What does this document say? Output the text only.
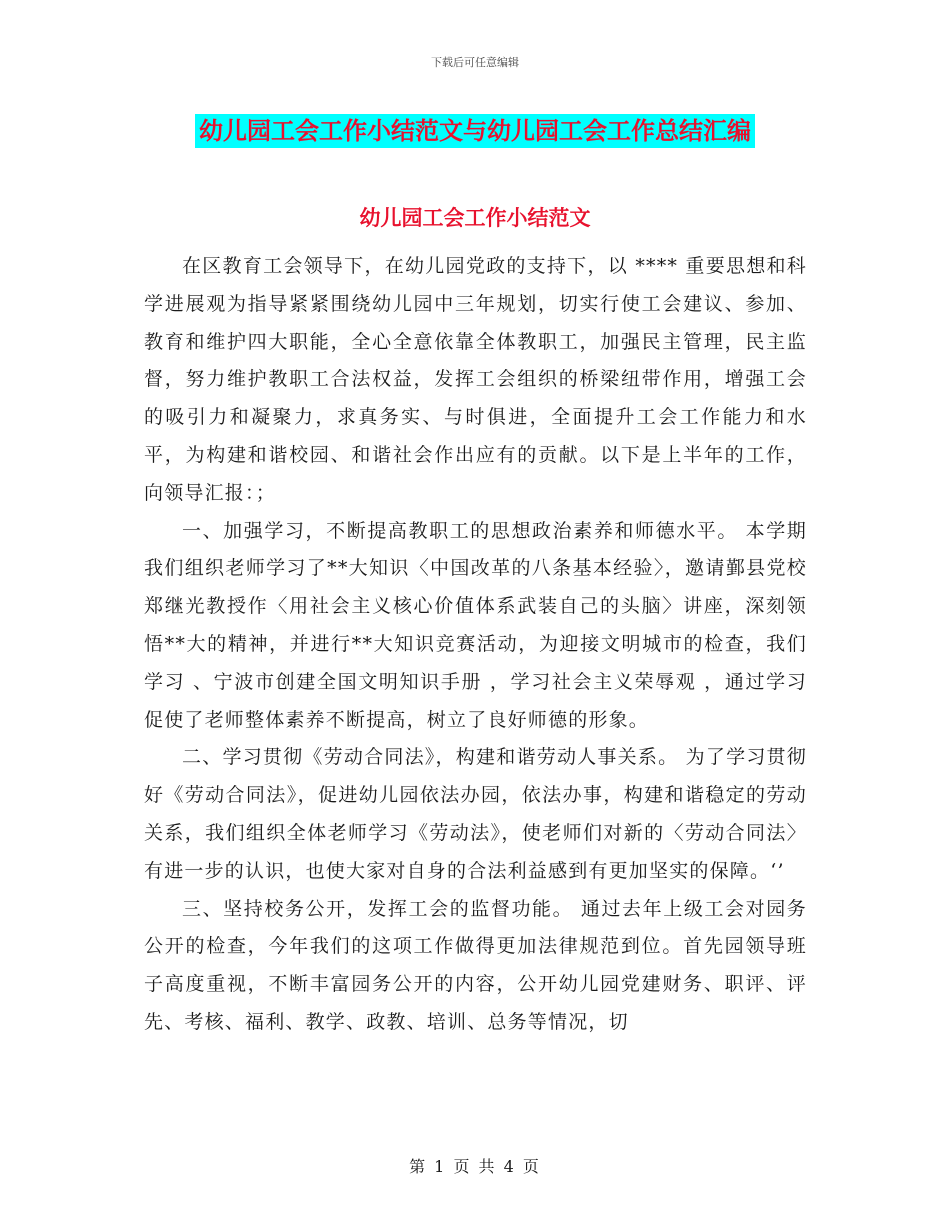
下载后可任意编辑
幼儿园工会工作小结范文与幼儿园工会工作总结汇编
幼儿园工会工作小结范文

在区教育工会领导下，在幼儿园党政的支持下，以 **** 重要思想和科学进展观为指导紧紧围绕幼儿园中三年规划，切实行使工会建议、参加、教育和维护四大职能，全心全意依靠全体教职工，加强民主管理，民主监督，努力维护教职工合法权益，发挥工会组织的桥梁纽带作用，增强工会的吸引力和凝聚力，求真务实、与时俱进，全面提升工会工作能力和水平，为构建和谐校园、和谐社会作出应有的贡献。以下是上半年的工作，向领导汇报：；

一、加强学习，不断提高教职工的思想政治素养和师德水平。 本学期我们组织老师学习了**大知识〈中国改革的八条基本经验〉，邀请鄞县党校郑继光教授作〈用社会主义核心价值体系武装自己的头脑〉讲座，深刻领悟**大的精神，并进行**大知识竞赛活动，为迎接文明城市的检查，我们学习 、宁波市创建全国文明知识手册 ，学习社会主义荣辱观 ，通过学习促使了老师整体素养不断提高，树立了良好师德的形象。

二、学习贯彻《劳动合同法》，构建和谐劳动人事关系。 为了学习贯彻好《劳动合同法》，促进幼儿园依法办园，依法办事，构建和谐稳定的劳动关系，我们组织全体老师学习《劳动法》，使老师们对新的〈劳动合同法〉有进一步的认识，也使大家对自身的合法利益感到有更加坚实的保障。‘’

三、坚持校务公开，发挥工会的监督功能。 通过去年上级工会对园务公开的检查，今年我们的这项工作做得更加法律规范到位。首先园领导班子高度重视，不断丰富园务公开的内容，公开幼儿园党建财务、职评、评先、考核、福利、教学、政教、培训、总务等情况，切

第 1 页 共 4 页
